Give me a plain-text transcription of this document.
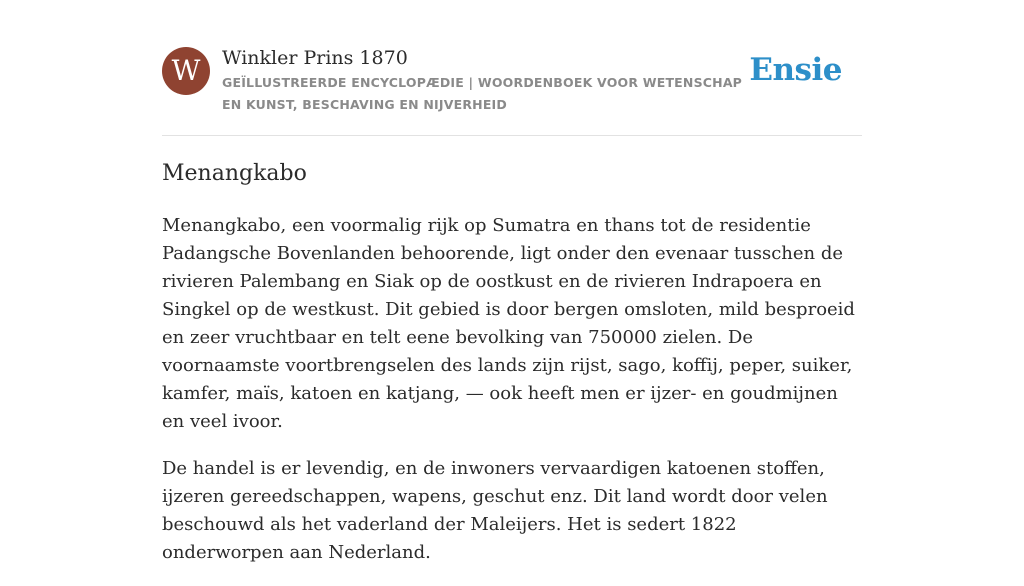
W	Winkler Prins 1870
GEÏLLUSTREERDE ENCYCLOPÆDIE | WOORDENBOEK VOOR WETENSCHAP EN KUNST, BESCHAVING EN NIJVERHEID
Ensie
Menangkabo

Menangkabo, een voormalig rijk op Sumatra en thans tot de residentie Padangsche Bovenlanden behoorende, ligt onder den evenaar tusschen de rivieren Palembang en Siak op de oostkust en de rivieren Indrapoera en Singkel op de westkust. Dit gebied is door bergen omsloten, mild besproeid en zeer vruchtbaar en telt eene bevolking van 750000 zielen. De voornaamste voortbrengselen des lands zijn rijst, sago, koffij, peper, suiker, kamfer, maïs, katoen en katjang, — ook heeft men er ijzer- en goudmijnen en veel ivoor.

De handel is er levendig, en de inwoners vervaardigen katoenen stoffen, ijzeren gereedschappen, wapens, geschut enz. Dit land wordt door velen beschouwd als het vaderland der Maleijers. Het is sedert 1822 onderworpen aan Nederland.
